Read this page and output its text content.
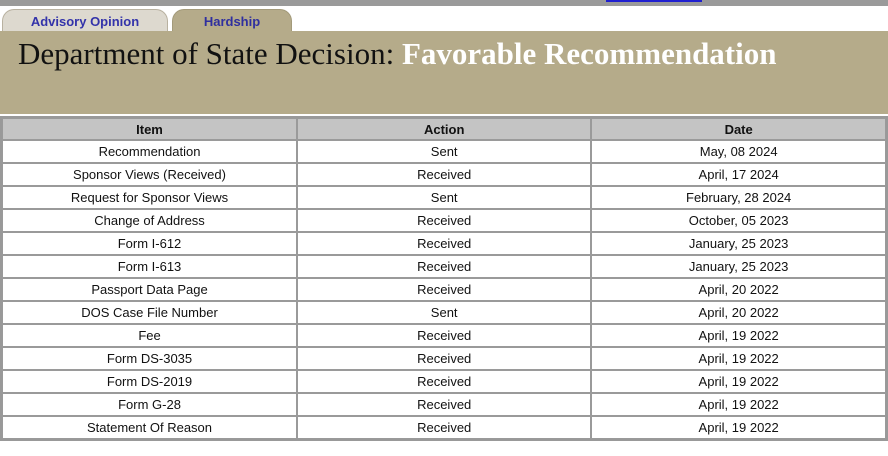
Advisory Opinion	Hardship
Department of State Decision: Favorable Recommendation
Item	Action	Date
Recommendation	Sent	May, 08 2024
Sponsor Views (Received)	Received	April, 17 2024
Request for Sponsor Views	Sent	February, 28 2024
Change of Address	Received	October, 05 2023
Form I-612	Received	January, 25 2023
Form I-613	Received	January, 25 2023
Passport Data Page	Received	April, 20 2022
DOS Case File Number	Sent	April, 20 2022
Fee	Received	April, 19 2022
Form DS-3035	Received	April, 19 2022
Form DS-2019	Received	April, 19 2022
Form G-28	Received	April, 19 2022
Statement Of Reason	Received	April, 19 2022
